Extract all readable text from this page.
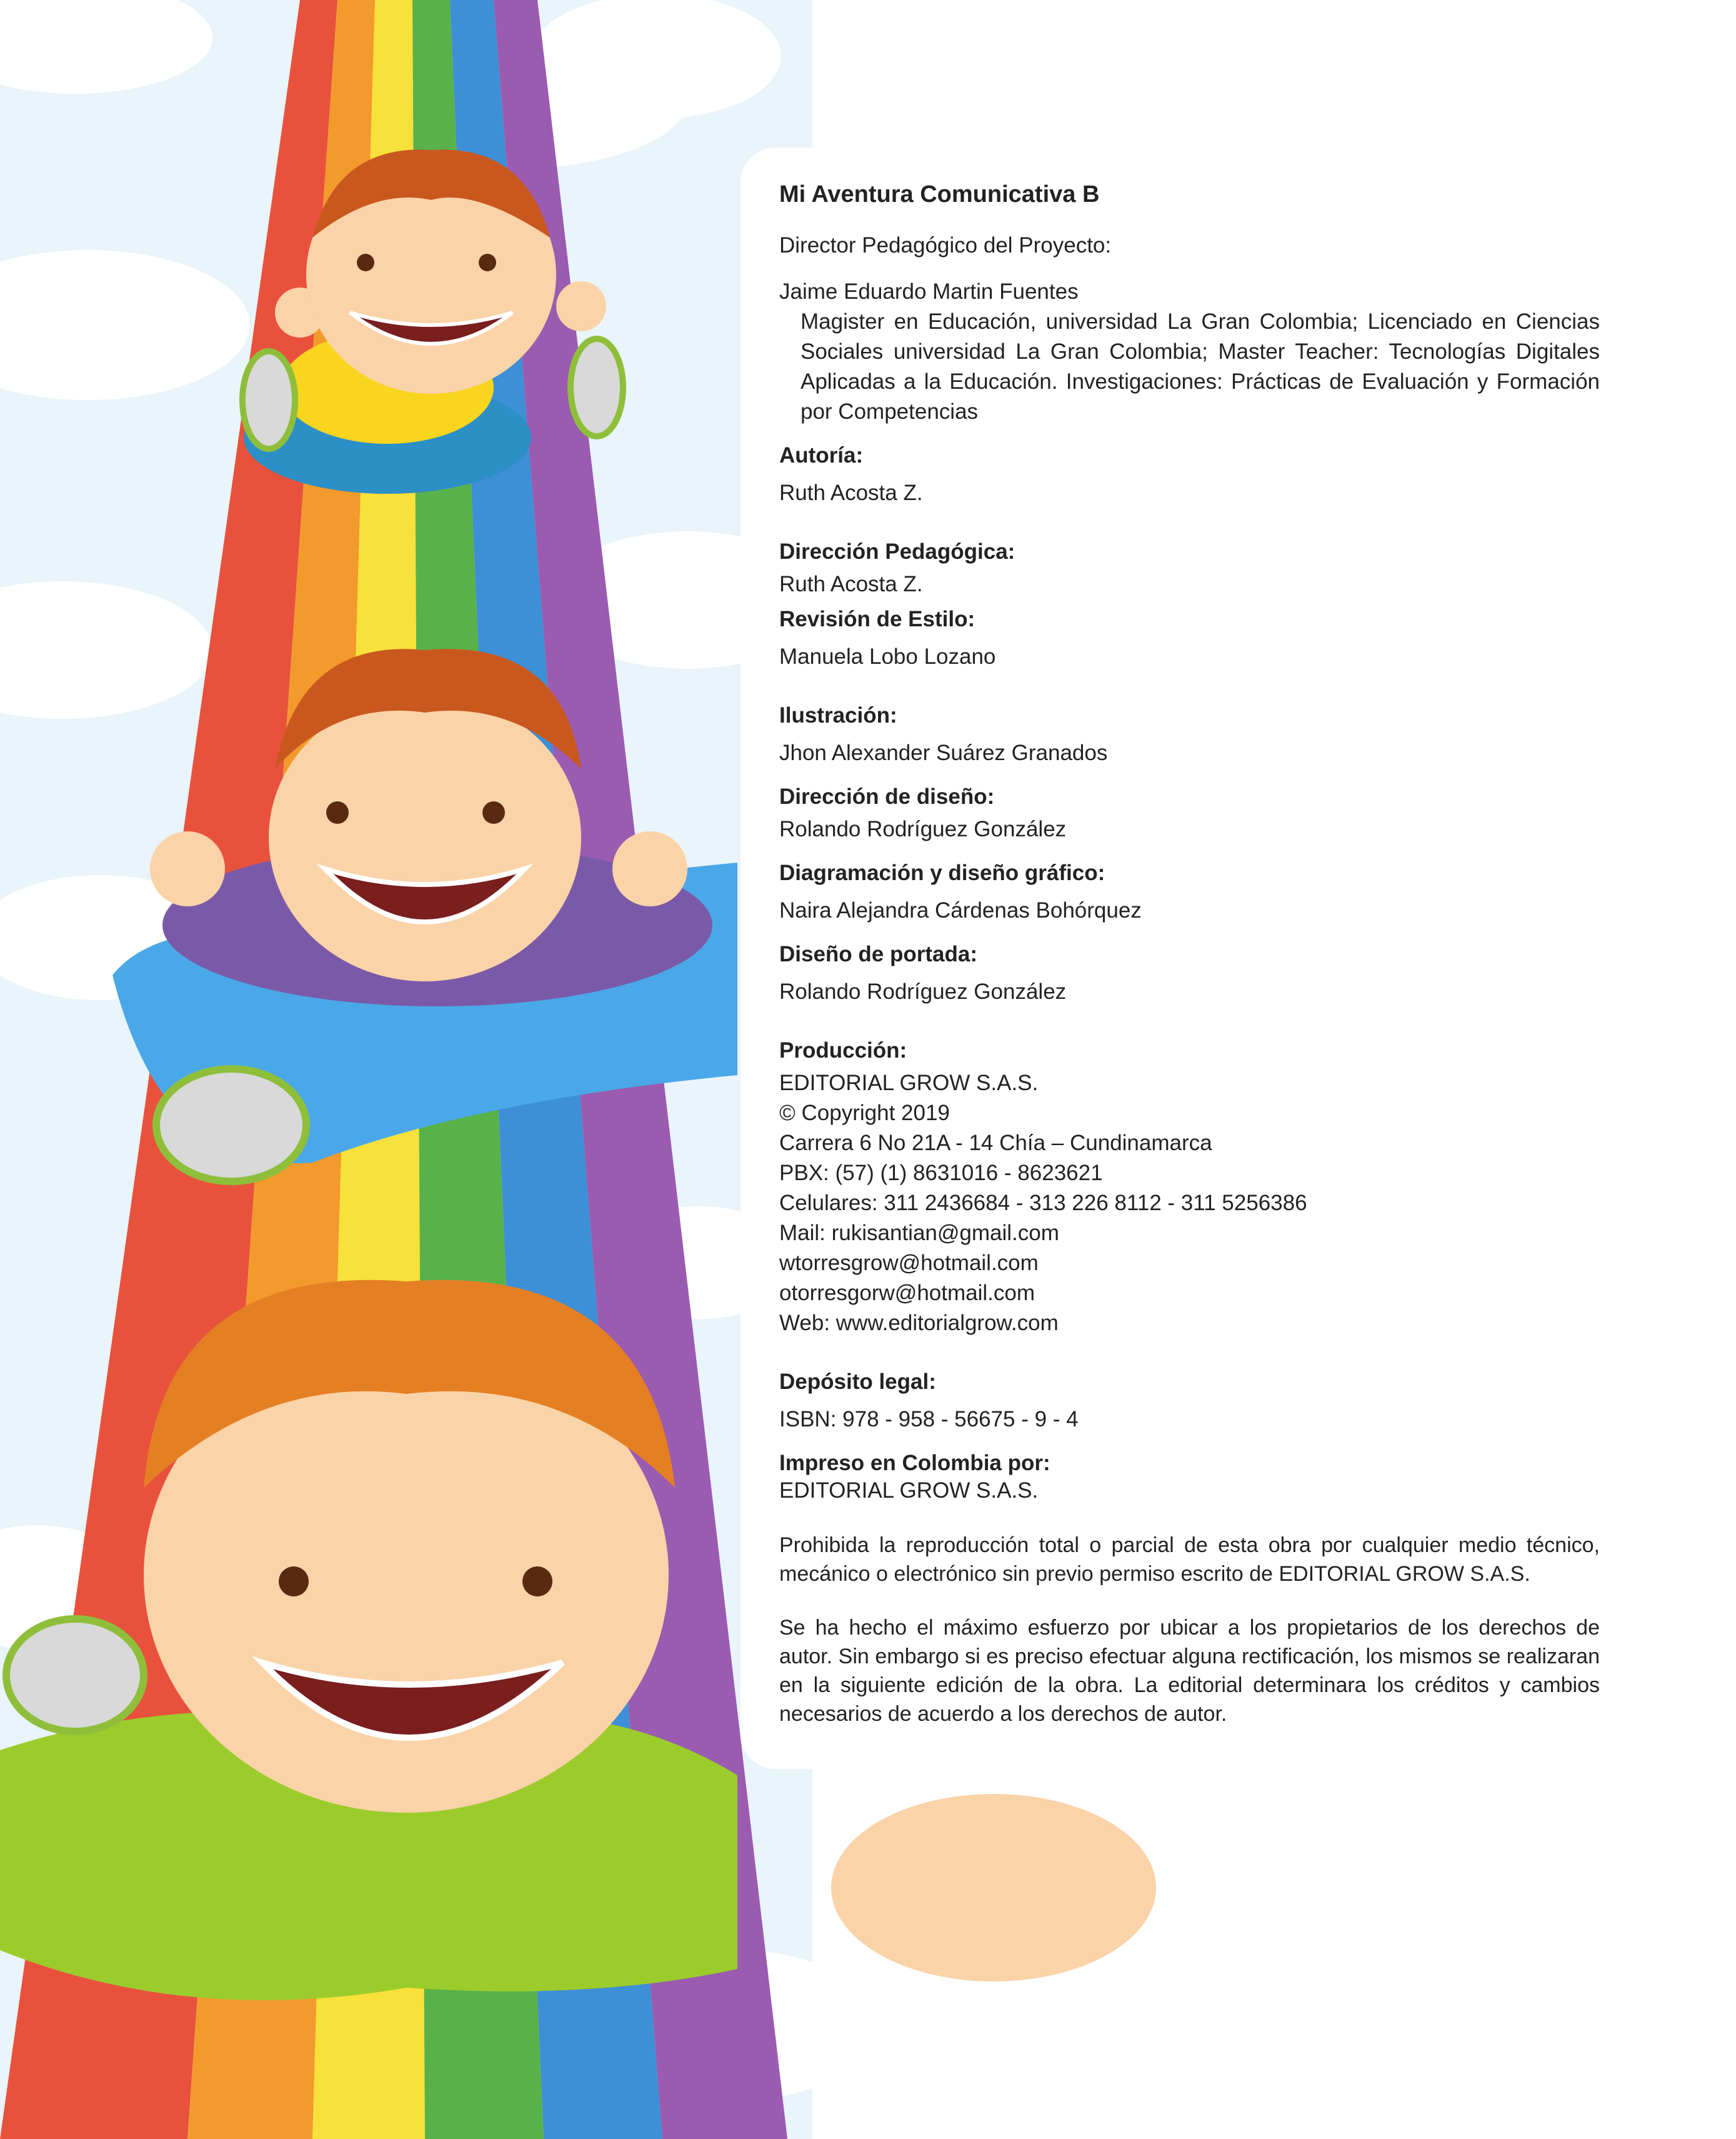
Mi Aventura Comunicativa B

Director Pedagógico del Proyecto:

Jaime Eduardo Martin Fuentes

Magister en Educación, universidad La Gran Colombia; Licenciado en Ciencias Sociales universidad La Gran Colombia; Master Teacher: Tecnologías Digitales Aplicadas a la Educación. Investigaciones: Prácticas de Evaluación y Formación por Competencias

Autoría:

Ruth Acosta Z.

Dirección Pedagógica:

Ruth Acosta Z.

Revisión de Estilo:

Manuela Lobo Lozano

Ilustración:

Jhon Alexander Suárez Granados

Dirección de diseño:

Rolando Rodríguez González

Diagramación y diseño gráfico:

Naira Alejandra Cárdenas Bohórquez

Diseño de portada:

Rolando Rodríguez González

Producción:

EDITORIAL GROW S.A.S.

© Copyright 2019

Carrera 6 No 21A - 14 Chía – Cundinamarca

PBX: (57) (1) 8631016 - 8623621

Celulares: 311 2436684 - 313 226 8112 - 311 5256386

Mail: rukisantian@gmail.com

wtorresgrow@hotmail.com

otorresgorw@hotmail.com

Web: www.editorialgrow.com

Depósito legal:

ISBN: 978 - 958 - 56675 - 9 - 4

Impreso en Colombia por:

EDITORIAL GROW S.A.S.

Prohibida la reproducción total o parcial de esta obra por cualquier medio técnico, mecánico o electrónico sin previo permiso escrito de EDITORIAL GROW S.A.S.

Se ha hecho el máximo esfuerzo por ubicar a los propietarios de los derechos de autor. Sin embargo si es preciso efectuar alguna rectificación, los mismos se realizaran en la siguiente edición de la obra. La editorial determinara los créditos y cambios necesarios de acuerdo a los derechos de autor.
